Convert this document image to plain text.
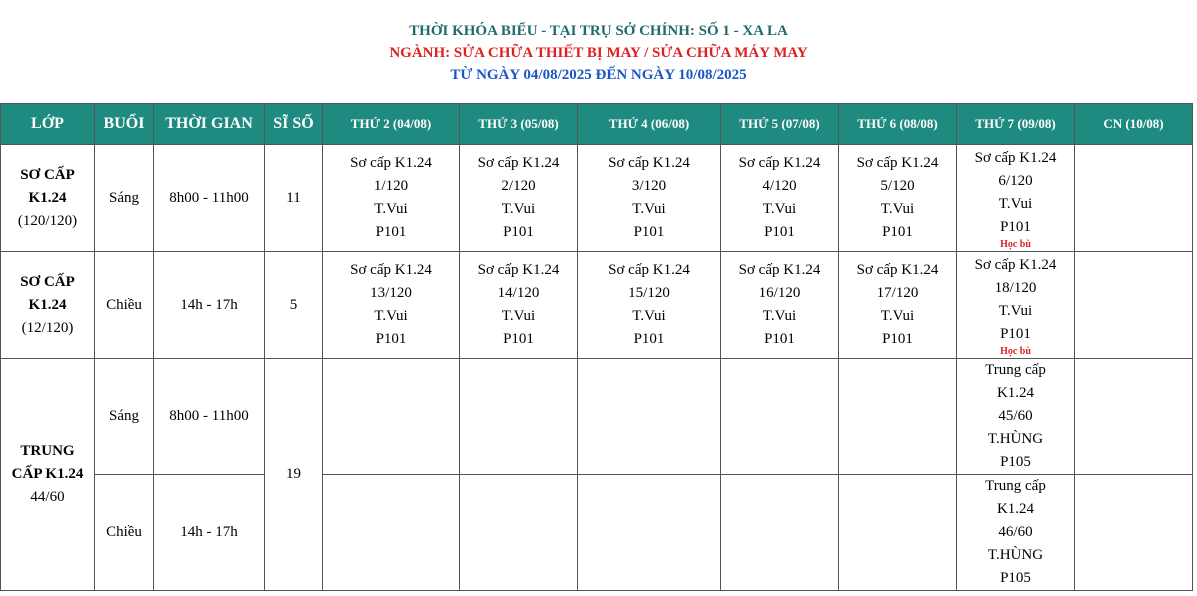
THỜI KHÓA BIỂU - TẠI TRỤ SỞ CHÍNH: SỐ 1 - XA LA
NGÀNH: SỬA CHỮA THIẾT BỊ MAY / SỬA CHỮA MÁY MAY
TỪ NGÀY 04/08/2025 ĐẾN NGÀY 10/08/2025
LỚP	BUỔI	THỜI GIAN	SĨ SỐ	THỨ 2 (04/08)	THỨ 3 (05/08)	THỨ 4 (06/08)	THỨ 5 (07/08)	THỨ 6 (08/08)	THỨ 7 (09/08)	CN (10/08)

SƠ CẤP
K1.24
(120/120)	Sáng	8h00 - 11h00	11	Sơ cấp K1.24
1/120
T.Vui
P101	Sơ cấp K1.24
2/120
T.Vui
P101	Sơ cấp K1.24
3/120
T.Vui
P101	Sơ cấp K1.24
4/120
T.Vui
P101	Sơ cấp K1.24
5/120
T.Vui
P101	Sơ cấp K1.24
6/120
T.Vui
P101
Học bù	

SƠ CẤP
K1.24
(12/120)	Chiều	14h - 17h	5	Sơ cấp K1.24
13/120
T.Vui
P101	Sơ cấp K1.24
14/120
T.Vui
P101	Sơ cấp K1.24
15/120
T.Vui
P101	Sơ cấp K1.24
16/120
T.Vui
P101	Sơ cấp K1.24
17/120
T.Vui
P101	Sơ cấp K1.24
18/120
T.Vui
P101
Học bù	

TRUNG
CẤP K1.24
44/60	Sáng	8h00 - 11h00	19						Trung cấp
K1.24
45/60
T.HÙNG
P105	

	Chiều	14h - 17h							Trung cấp
K1.24
46/60
T.HÙNG
P105	
